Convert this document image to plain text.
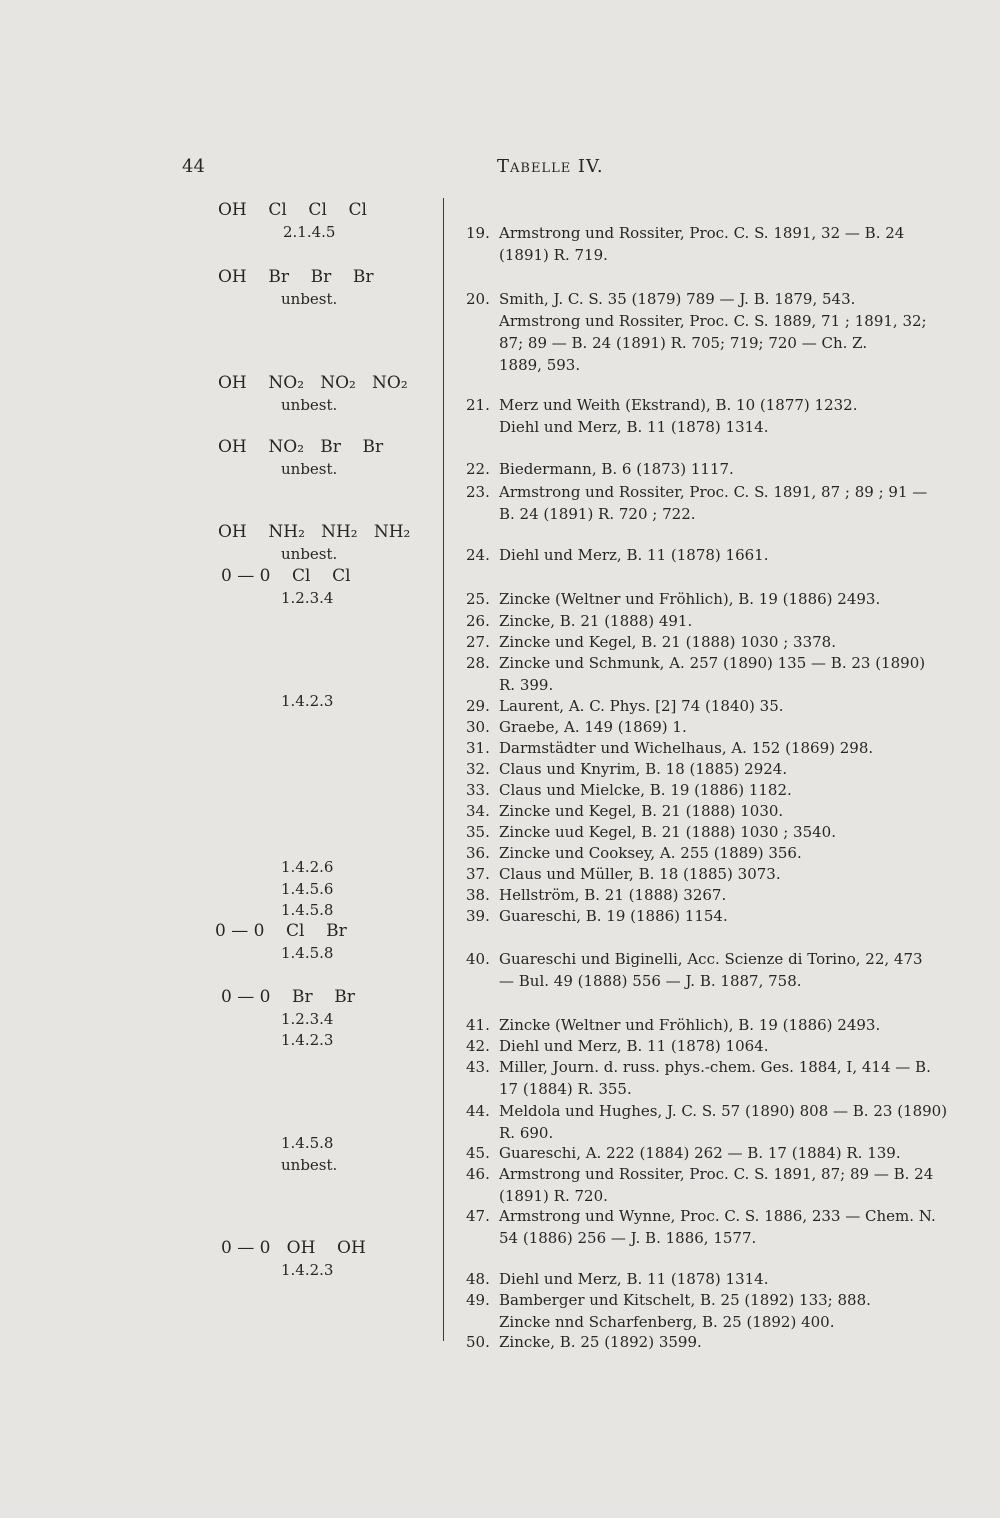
44	Tabelle IV.
OH    Cl    Cl    Cl
2.1.4.5
OH    Br    Br    Br
unbest.
OH    NO₂   NO₂   NO₂
unbest.
OH    NO₂   Br    Br
unbest.
OH    NH₂   NH₂   NH₂
unbest.
0 — 0    Cl    Cl
1.2.3.4
1.4.2.3
1.4.2.6
1.4.5.6
1.4.5.8
0 — 0    Cl    Br
1.4.5.8
0 — 0    Br    Br
1.2.3.4
1.4.2.3
1.4.5.8
unbest.
0 — 0   OH    OH
1.4.2.3
19. Armstrong und Rossiter, Proc. C. S. 1891, 32 — B. 24
(1891) R. 719.
20. Smith, J. C. S. 35 (1879) 789 — J. B. 1879, 543.
Armstrong und Rossiter, Proc. C. S. 1889, 71 ; 1891, 32;
87; 89 — B. 24 (1891) R. 705; 719; 720 — Ch. Z.
1889, 593.
21. Merz und Weith (Ekstrand), B. 10 (1877) 1232.
Diehl und Merz, B. 11 (1878) 1314.
22. Biedermann, B. 6 (1873) 1117.
23. Armstrong und Rossiter, Proc. C. S. 1891, 87 ; 89 ; 91 —
B. 24 (1891) R. 720 ; 722.
24. Diehl und Merz, B. 11 (1878) 1661.
25. Zincke (Weltner und Fröhlich), B. 19 (1886) 2493.
26. Zincke, B. 21 (1888) 491.
27. Zincke und Kegel, B. 21 (1888) 1030 ; 3378.
28. Zincke und Schmunk, A. 257 (1890) 135 — B. 23 (1890)
R. 399.
29. Laurent, A. C. Phys. [2] 74 (1840) 35.
30. Graebe, A. 149 (1869) 1.
31. Darmstädter und Wichelhaus, A. 152 (1869) 298.
32. Claus und Knyrim, B. 18 (1885) 2924.
33. Claus und Mielcke, B. 19 (1886) 1182.
34. Zincke und Kegel, B. 21 (1888) 1030.
35. Zincke uud Kegel, B. 21 (1888) 1030 ; 3540.
36. Zincke und Cooksey, A. 255 (1889) 356.
37. Claus und Müller, B. 18 (1885) 3073.
38. Hellström, B. 21 (1888) 3267.
39. Guareschi, B. 19 (1886) 1154.
40. Guareschi und Biginelli, Acc. Scienze di Torino, 22, 473
— Bul. 49 (1888) 556 — J. B. 1887, 758.
41. Zincke (Weltner und Fröhlich), B. 19 (1886) 2493.
42. Diehl und Merz, B. 11 (1878) 1064.
43. Miller, Journ. d. russ. phys.-chem. Ges. 1884, I, 414 — B.
17 (1884) R. 355.
44. Meldola und Hughes, J. C. S. 57 (1890) 808 — B. 23 (1890)
R. 690.
45. Guareschi, A. 222 (1884) 262 — B. 17 (1884) R. 139.
46. Armstrong und Rossiter, Proc. C. S. 1891, 87; 89 — B. 24
(1891) R. 720.
47. Armstrong und Wynne, Proc. C. S. 1886, 233 — Chem. N.
54 (1886) 256 — J. B. 1886, 1577.
48. Diehl und Merz, B. 11 (1878) 1314.
49. Bamberger und Kitschelt, B. 25 (1892) 133; 888.
Zincke nnd Scharfenberg, B. 25 (1892) 400.
50. Zincke, B. 25 (1892) 3599.
